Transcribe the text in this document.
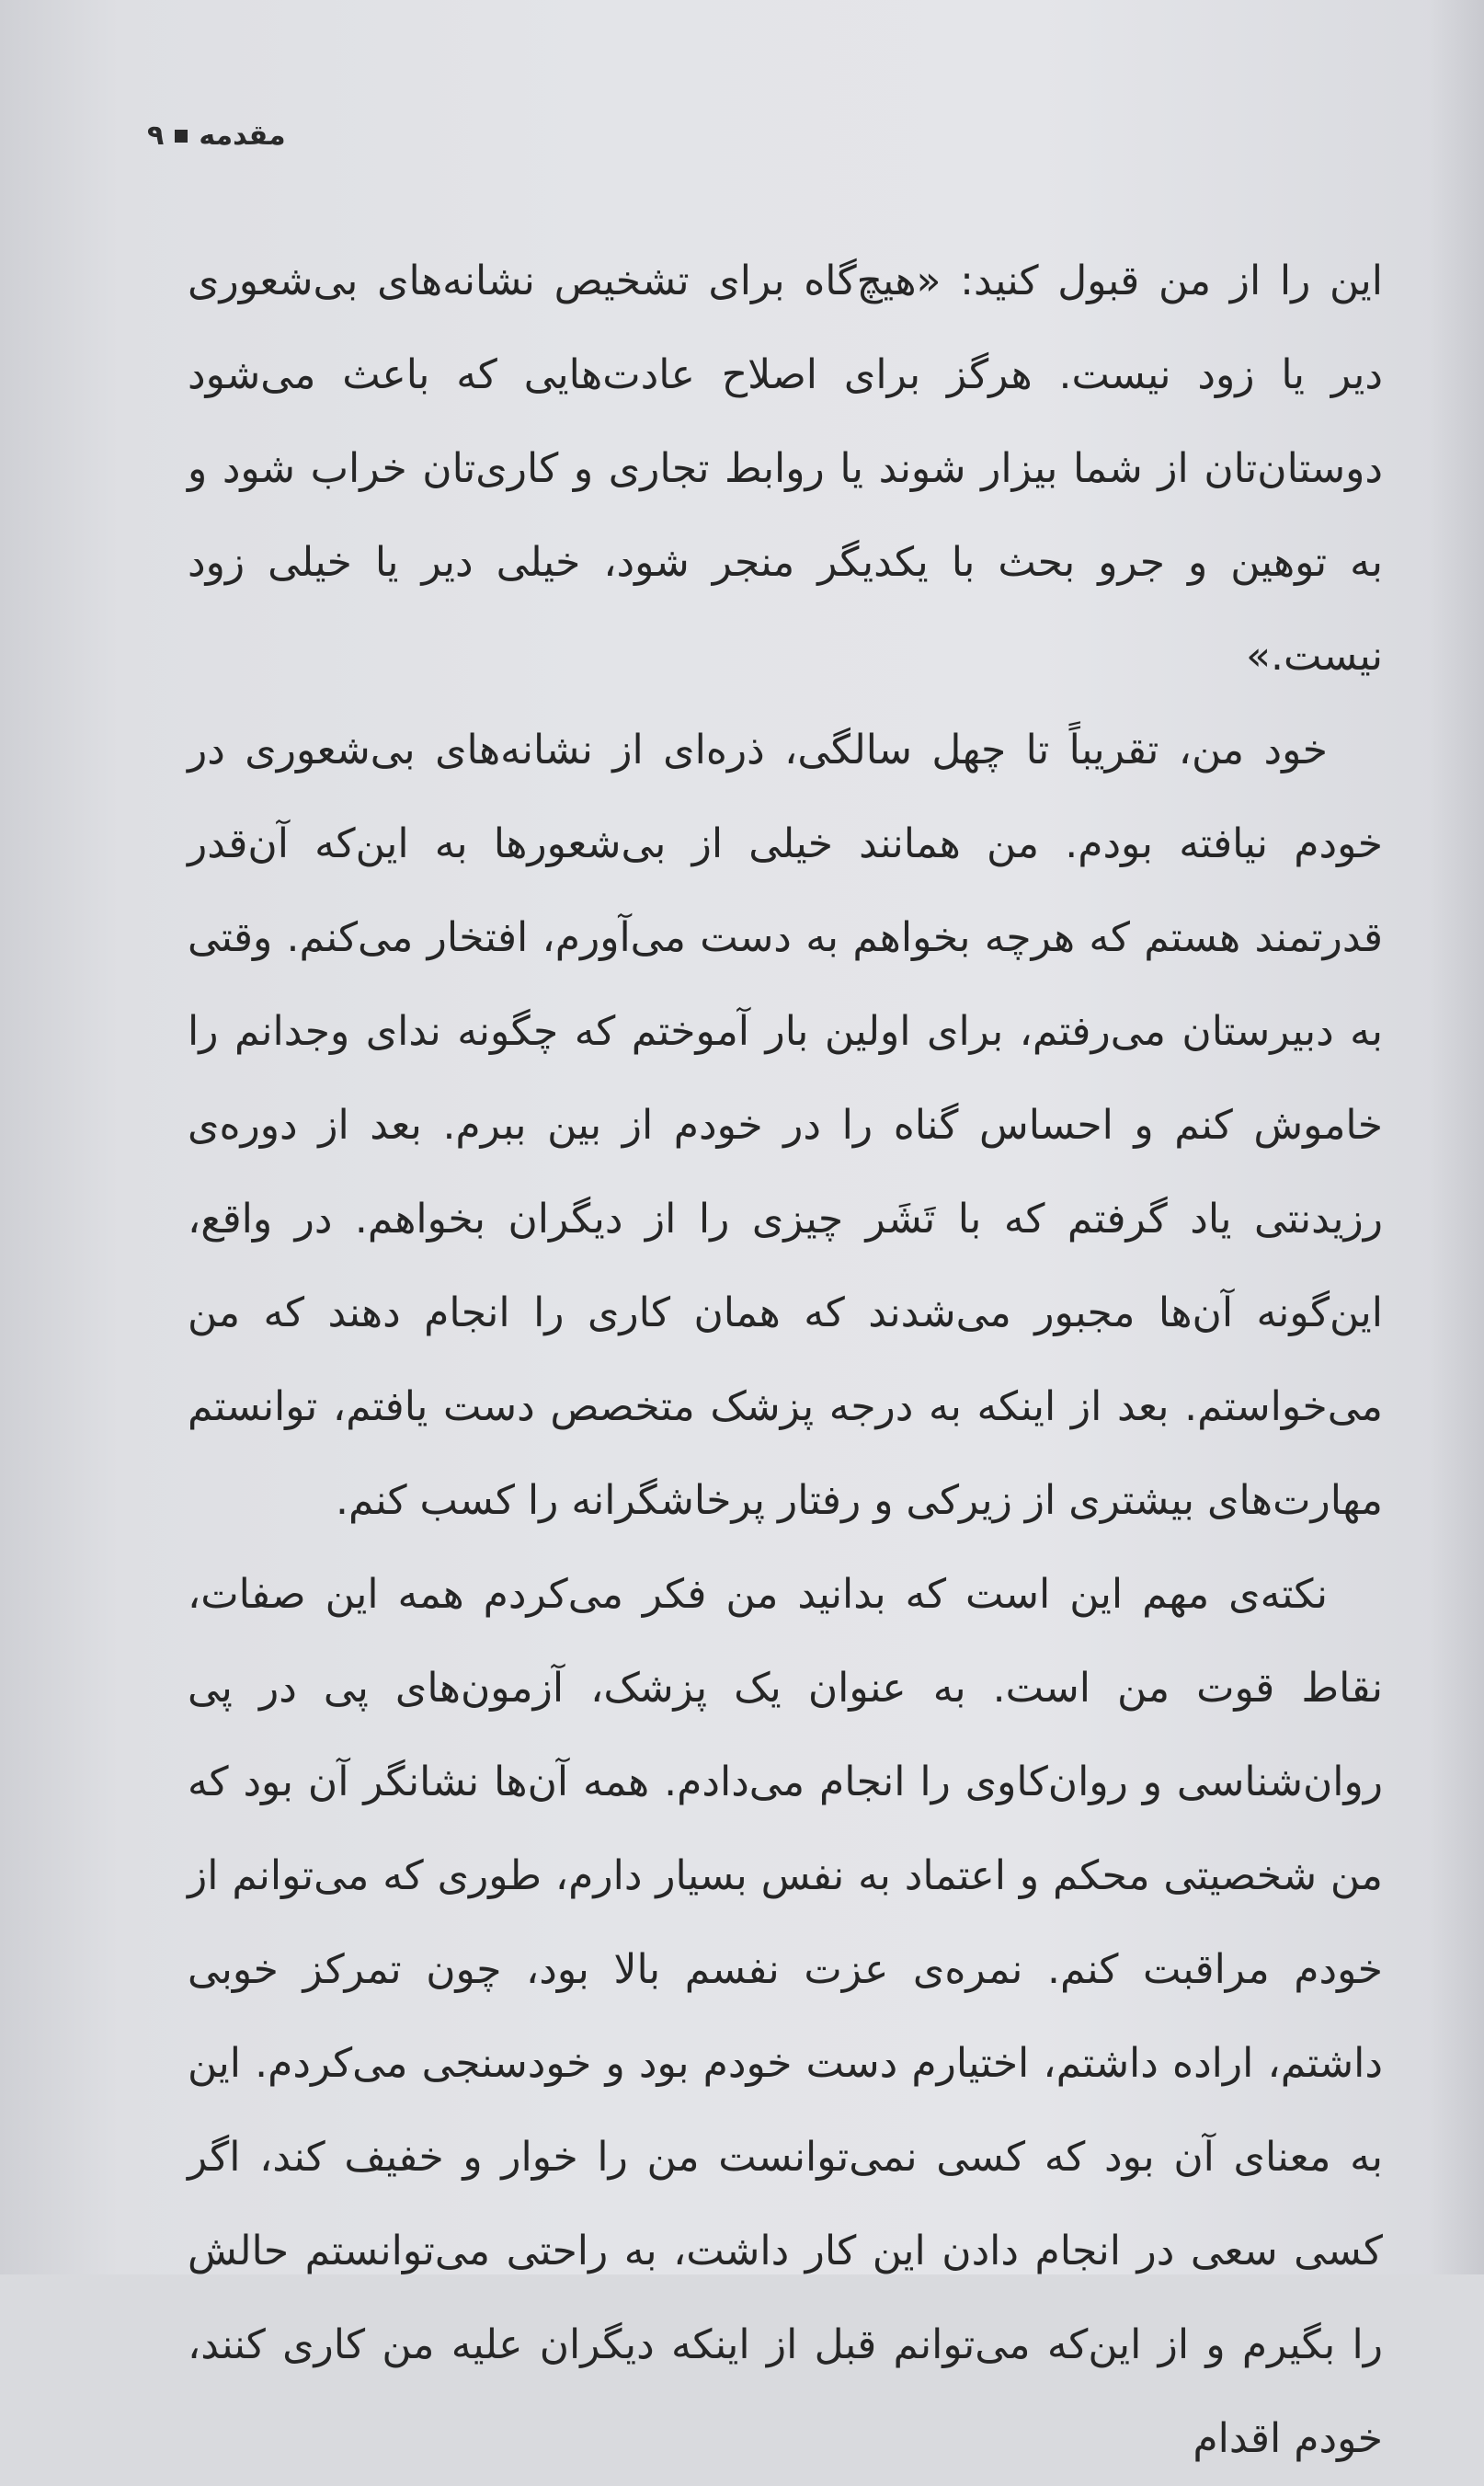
مقدمه
۹

این را از من قبول کنید: «هیچ‌گاه برای تشخیص نشانه‌های بی‌شعوری دیر یا زود نیست. هرگز برای اصلاح عادت‌هایی که باعث می‌شود دوستان‌تان از شما بیزار شوند یا روابط تجاری و کاری‌تان خراب شود و به توهین و جرو بحث با یکدیگر منجر شود، خیلی دیر یا خیلی زود نیست.»

خود من، تقریباً تا چهل سالگی، ذره‌ای از نشانه‌های بی‌شعوری در خودم نیافته بودم. من همانند خیلی از بی‌شعورها به این‌که آن‌قدر قدرتمند هستم که هرچه بخواهم به دست می‌آورم، افتخار می‌کنم. وقتی به دبیرستان می‌رفتم، برای اولین بار آموختم که چگونه ندای وجدانم را خاموش کنم و احساس گناه را در خودم از بین ببرم. بعد از دوره‌ی رزیدنتی یاد گرفتم که با تَشَر چیزی را از دیگران بخواهم. در واقع، این‌گونه آن‌ها مجبور می‌شدند که همان کاری را انجام دهند که من می‌خواستم. بعد از اینکه به درجه پزشک متخصص دست یافتم، توانستم مهارت‌های بیشتری از زیرکی و رفتار پرخاشگرانه را کسب کنم.

نکته‌ی مهم این است که بدانید من فکر می‌کردم همه این صفات، نقاط قوت من است. به عنوان یک پزشک، آزمون‌های پی در پی روان‌شناسی و روان‌کاوی را انجام می‌دادم. همه آن‌ها نشانگر آن بود که من شخصیتی محکم و اعتماد به نفس بسیار دارم، طوری که می‌توانم از خودم مراقبت کنم. نمره‌ی عزت نفسم بالا بود، چون تمرکز خوبی داشتم، اراده داشتم، اختیارم دست خودم بود و خودسنجی می‌کردم. این به معنای آن بود که کسی نمی‌توانست من را خوار و خفیف کند، اگر کسی سعی در انجام دادن این کار داشت، به راحتی می‌توانستم حالش را بگیرم و از این‌که می‌توانم قبل از اینکه دیگران علیه من کاری کنند، خودم اقدام
